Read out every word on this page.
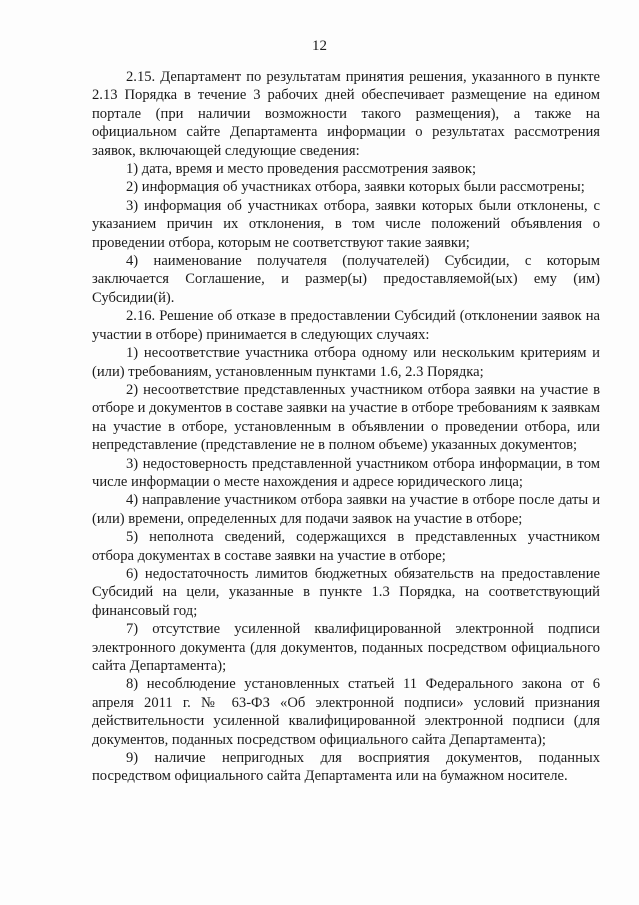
12

2.15. Департамент по результатам принятия решения, указанного в пункте 2.13 Порядка в течение 3 рабочих дней обеспечивает размещение на едином портале (при наличии возможности такого размещения), а также на официальном сайте Департамента информации о результатах рассмотрения заявок, включающей следующие сведения:

1) дата, время и место проведения рассмотрения заявок;

2) информация об участниках отбора, заявки которых были рассмотрены;

3) информация об участниках отбора, заявки которых были отклонены, с указанием причин их отклонения, в том числе положений объявления о проведении отбора, которым не соответствуют такие заявки;

4) наименование получателя (получателей) Субсидии, с которым заключается Соглашение, и размер(ы) предоставляемой(ых) ему (им) Субсидии(й).

2.16. Решение об отказе в предоставлении Субсидий (отклонении заявок на участии в отборе) принимается в следующих случаях:

1) несоответствие участника отбора одному или нескольким критериям и (или) требованиям, установленным пунктами 1.6, 2.3 Порядка;

2) несоответствие представленных участником отбора заявки на участие в отборе и документов в составе заявки на участие в отборе требованиям к заявкам на участие в отборе, установленным в объявлении о проведении отбора, или непредставление (представление не в полном объеме) указанных документов;

3) недостоверность представленной участником отбора информации, в том числе информации о месте нахождения и адресе юридического лица;

4) направление участником отбора заявки на участие в отборе после даты и (или) времени, определенных для подачи заявок на участие в отборе;

5) неполнота сведений, содержащихся в представленных участником отбора документах в составе заявки на участие в отборе;

6) недостаточность лимитов бюджетных обязательств на предоставление Субсидий на цели, указанные в пункте 1.3 Порядка, на соответствующий финансовый год;

7) отсутствие усиленной квалифицированной электронной подписи электронного документа (для документов, поданных посредством официального сайта Департамента);

8) несоблюдение установленных статьей 11 Федерального закона от 6 апреля 2011 г. № 63-ФЗ «Об электронной подписи» условий признания действительности усиленной квалифицированной электронной подписи (для документов, поданных посредством официального сайта Департамента);

9) наличие непригодных для восприятия документов, поданных посредством официального сайта Департамента или на бумажном носителе.
